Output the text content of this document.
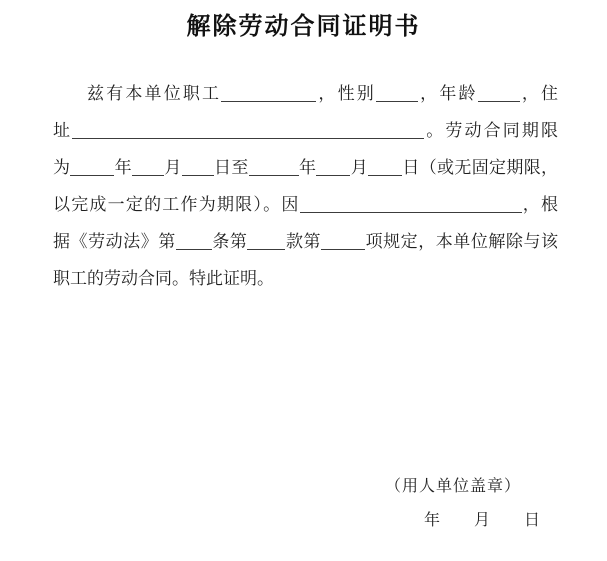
解除劳动合同证明书
兹有本单位职工	，性别 ，年龄 ，住
址	。劳动合同期限
为	年 月 日至	年 月 日（或无固定期限，
以完成一定的工作为期限）。因	，根
据《劳动法》第 条第 款第	项规定，本单位解除与该
职工的劳动合同。特此证明。
（用人单位盖章）
年 月 日
